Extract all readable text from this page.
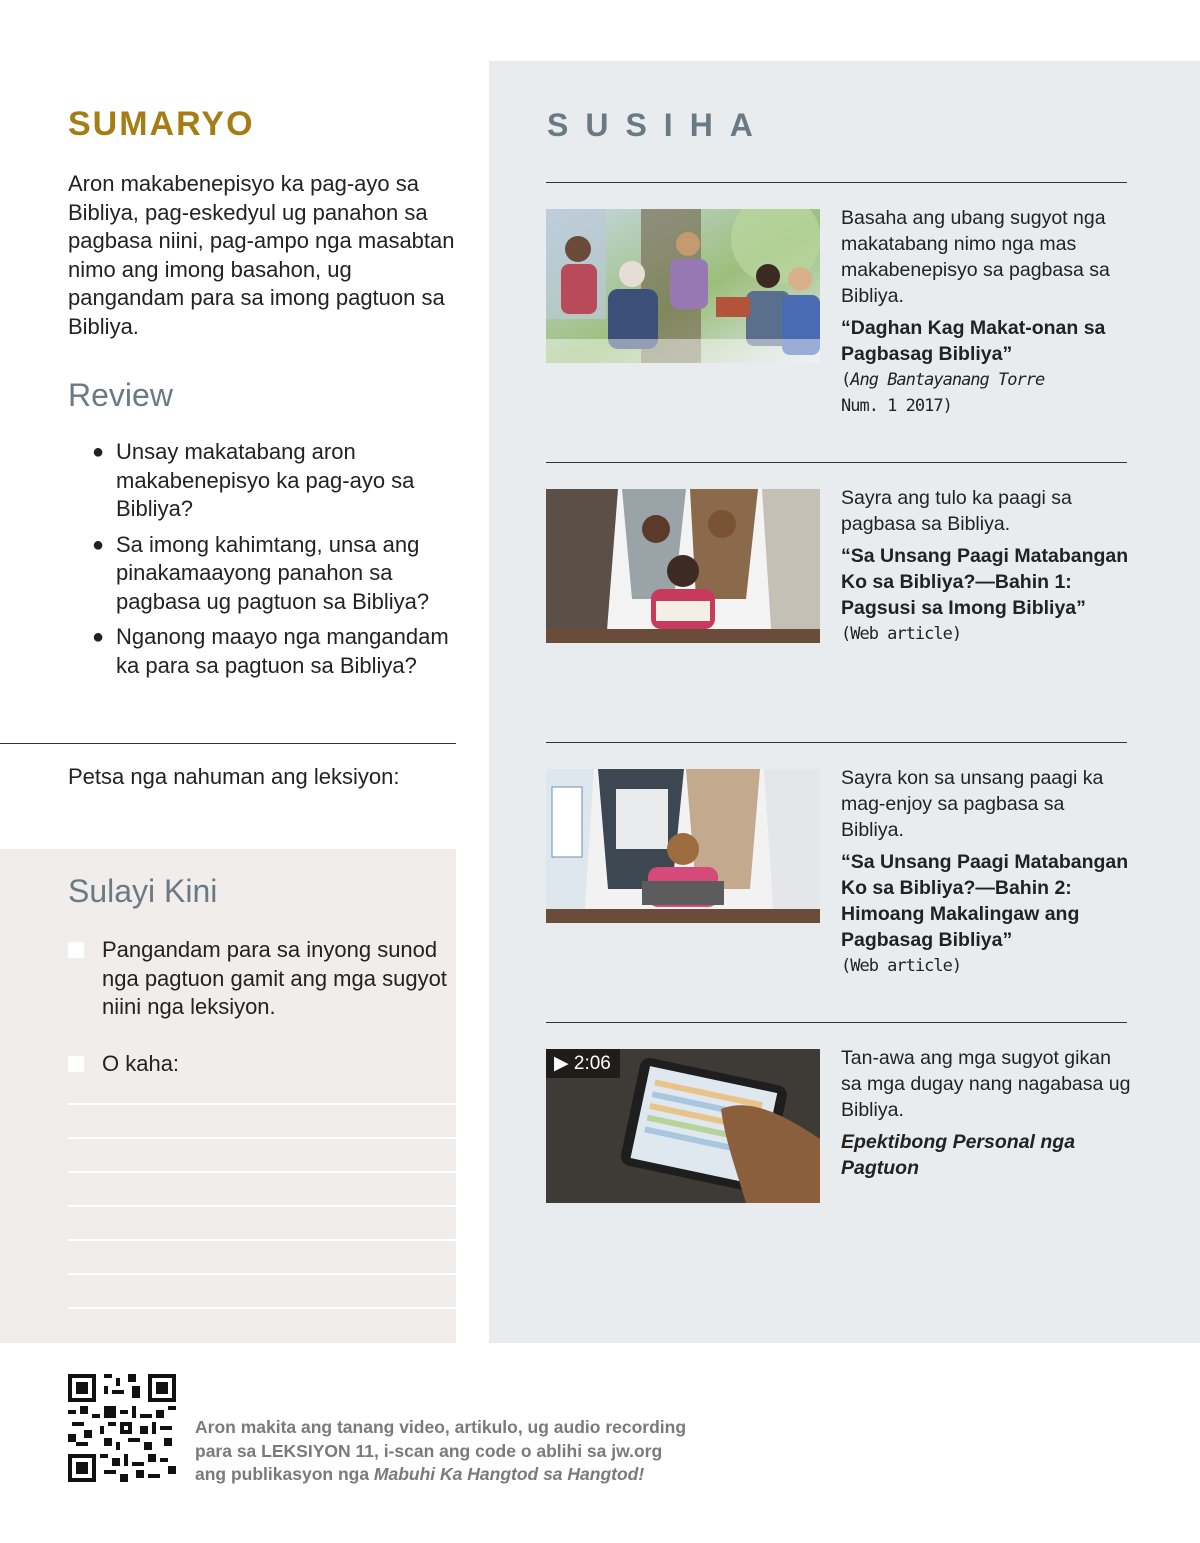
SUMARYO

Aron makabenepisyo ka pag-ayo sa Bibliya, pag-eskedyul ug panahon sa pagbasa niini, pag-ampo nga masabtan nimo ang imong basahon, ug pangandam para sa imong pagtuon sa Bibliya.

Review
● Unsay makatabang aron makabenepisyo ka pag-ayo sa Bibliya?
● Sa imong kahimtang, unsa ang pinakamaayong panahon sa pagbasa ug pagtuon sa Bibliya?
● Nganong maayo nga mangandam ka para sa pagtuon sa Bibliya?
Petsa nga nahuman ang leksiyon:
Sulayi Kini
Pangandam para sa inyong sunod nga pagtuon gamit ang mga sugyot niini nga leksiyon.
O kaha:
SUSIHA

Basaha ang ubang sugyot nga makatabang nimo nga mas makabenepisyo sa pagbasa sa Bibliya.

“Daghan Kag Makat-onan sa Pagbasag Bibliya”

(Ang Bantayanang Torre
Num. 1 2017)

Sayra ang tulo ka paagi sa pagbasa sa Bibliya.

“Sa Unsang Paagi Matabangan Ko sa Bibliya?—Bahin 1: Pagsusi sa Imong Bibliya”

(Web article)

Sayra kon sa unsang paagi ka mag-enjoy sa pagbasa sa Bibliya.

“Sa Unsang Paagi Matabangan Ko sa Bibliya?—Bahin 2: Himoang Makalingaw ang Pagbasag Bibliya”

(Web article)

▶ 2:06	Tan-awa ang mga sugyot gikan sa mga dugay nang nagabasa ug Bibliya.

Epektibong Personal nga Pagtuon

Aron makita ang tanang video, artikulo, ug audio recording
para sa LEKSIYON 11, i-scan ang code o ablihi sa jw.org
ang publikasyon nga Mabuhi Ka Hangtod sa Hangtod!
